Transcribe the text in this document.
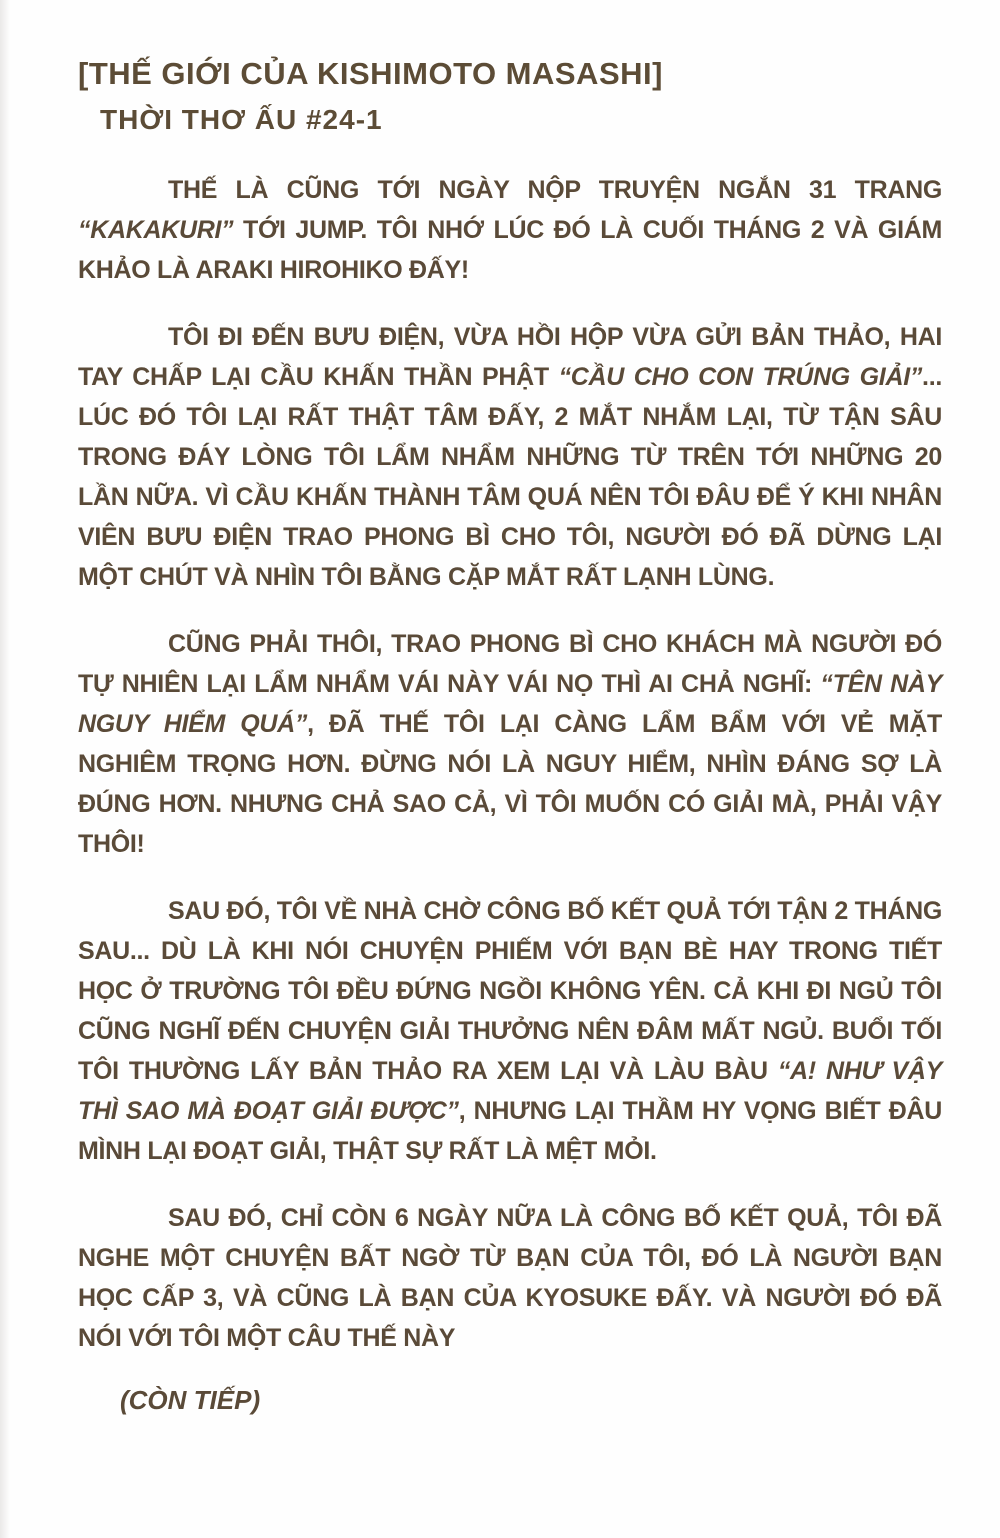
[THẾ GIỚI CỦA KISHIMOTO MASASHI]
THỜI THƠ ẤU #24-1

THẾ LÀ CŨNG TỚI NGÀY NỘP TRUYỆN NGẮN 31 TRANG “KAKAKURI” TỚI JUMP. TÔI NHỚ LÚC ĐÓ LÀ CUỐI THÁNG 2 VÀ GIÁM KHẢO LÀ ARAKI HIROHIKO ĐẤY!

TÔI ĐI ĐẾN BƯU ĐIỆN, VỪA HỒI HỘP VỪA GỬI BẢN THẢO, HAI TAY CHẤP LẠI CẦU KHẤN THẦN PHẬT “CẦU CHO CON TRÚNG GIẢI”... LÚC ĐÓ TÔI LẠI RẤT THẬT TÂM ĐẤY, 2 MẮT NHẮM LẠI, TỪ TẬN SÂU TRONG ĐÁY LÒNG TÔI LẨM NHẨM NHỮNG TỪ TRÊN TỚI NHỮNG 20 LẦN NỮA. VÌ CẦU KHẤN THÀNH TÂM QUÁ NÊN TÔI ĐÂU ĐỂ Ý KHI NHÂN VIÊN BƯU ĐIỆN TRAO PHONG BÌ CHO TÔI, NGƯỜI ĐÓ ĐÃ DỪNG LẠI MỘT CHÚT VÀ NHÌN TÔI BẰNG CẶP MẮT RẤT LẠNH LÙNG.

CŨNG PHẢI THÔI, TRAO PHONG BÌ CHO KHÁCH MÀ NGƯỜI ĐÓ TỰ NHIÊN LẠI LẨM NHẨM VÁI NÀY VÁI NỌ THÌ AI CHẢ NGHĨ: “TÊN NÀY NGUY HIỂM QUÁ”, ĐÃ THẾ TÔI LẠI CÀNG LẨM BẨM VỚI VẺ MẶT NGHIÊM TRỌNG HƠN. ĐỪNG NÓI LÀ NGUY HIỂM, NHÌN ĐÁNG SỢ LÀ ĐÚNG HƠN. NHƯNG CHẢ SAO CẢ, VÌ TÔI MUỐN CÓ GIẢI MÀ, PHẢI VẬY THÔI!

SAU ĐÓ, TÔI VỀ NHÀ CHỜ CÔNG BỐ KẾT QUẢ TỚI TẬN 2 THÁNG SAU... DÙ LÀ KHI NÓI CHUYỆN PHIẾM VỚI BẠN BÈ HAY TRONG TIẾT HỌC Ở TRƯỜNG TÔI ĐỀU ĐỨNG NGỒI KHÔNG YÊN. CẢ KHI ĐI NGỦ TÔI CŨNG NGHĨ ĐẾN CHUYỆN GIẢI THƯỞNG NÊN ĐÂM MẤT NGỦ. BUỔI TỐI TÔI THƯỜNG LẤY BẢN THẢO RA XEM LẠI VÀ LÀU BÀU “A! NHƯ VẬY THÌ SAO MÀ ĐOẠT GIẢI ĐƯỢC”, NHƯNG LẠI THẦM HY VỌNG BIẾT ĐÂU MÌNH LẠI ĐOẠT GIẢI, THẬT SỰ RẤT LÀ MỆT MỎI.

SAU ĐÓ, CHỈ CÒN 6 NGÀY NỮA LÀ CÔNG BỐ KẾT QUẢ, TÔI ĐÃ NGHE MỘT CHUYỆN BẤT NGỜ TỪ BẠN CỦA TÔI, ĐÓ LÀ NGƯỜI BẠN HỌC CẤP 3, VÀ CŨNG LÀ BẠN CỦA KYOSUKE ĐẤY. VÀ NGƯỜI ĐÓ ĐÃ NÓI VỚI TÔI MỘT CÂU THẾ NÀY

(CÒN TIẾP)
